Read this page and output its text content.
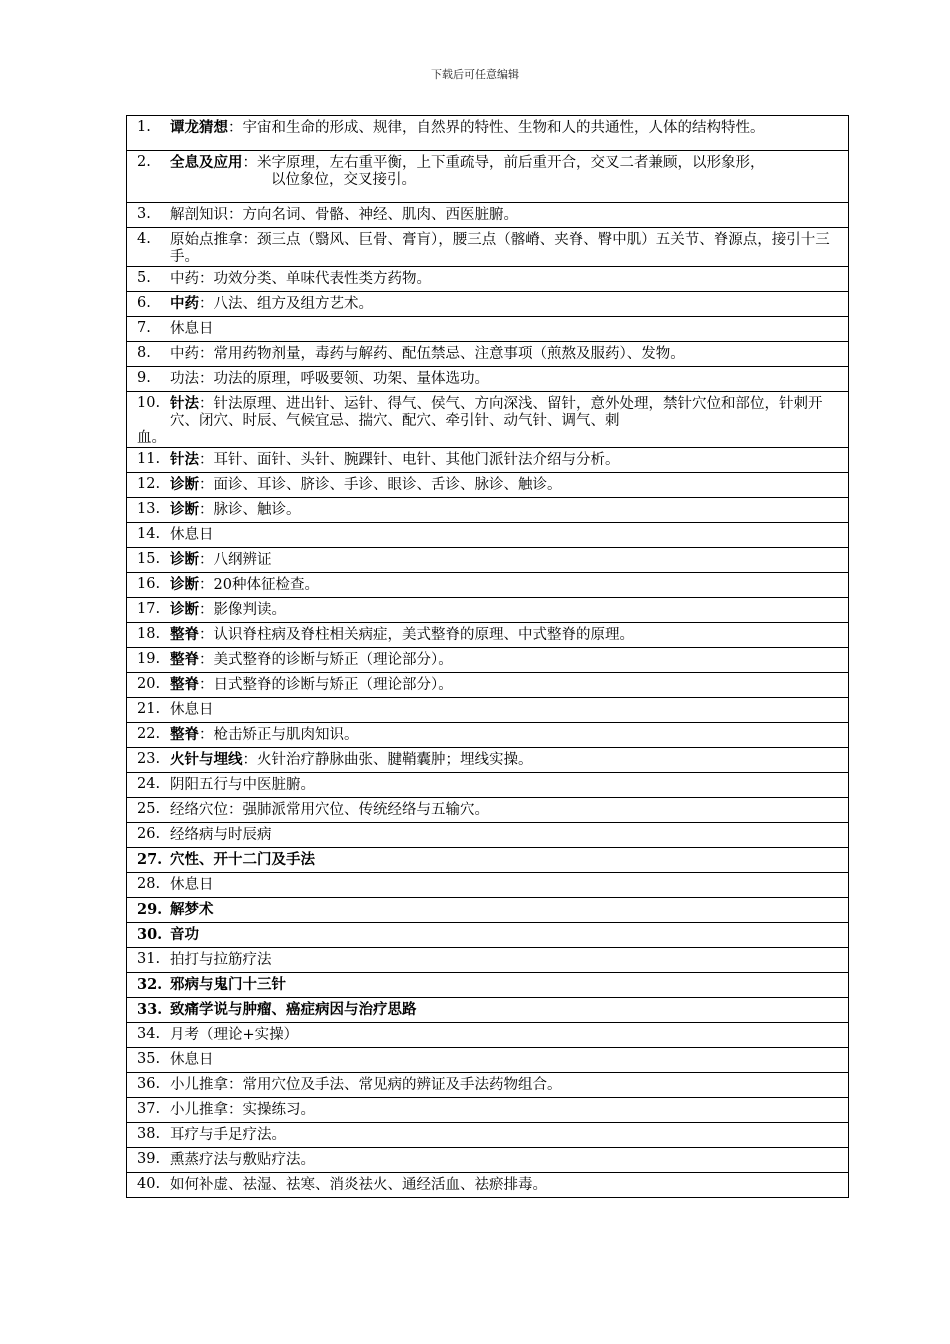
下载后可任意编辑
1.	谭龙猜想：宇宙和生命的形成、规律，自然界的特性、生物和人的共通性，人体的结构特性。

2.	全息及应用：米字原理，左右重平衡，上下重疏导，前后重开合，交叉二者兼顾，以形象形，
以位象位，交叉接引。

3.	解剖知识：方向名词、骨骼、神经、肌肉、西医脏腑。

4.	原始点推拿：颈三点（翳风、巨骨、膏肓），腰三点（髂嵴、夹脊、臀中肌）五关节、脊源点，接引十三手。

5.	中药：功效分类、单味代表性类方药物。

6.	中药：八法、组方及组方艺术。

7.	休息日

8.	中药：常用药物剂量，毒药与解药、配伍禁忌、注意事项（煎熬及服药）、发物。

9.	功法：功法的原理，呼吸要领、功架、量体选功。

10. 针法：针法原理、进出针、运针、得气、侯气、方向深浅、留针，意外处理，禁针穴位和部位，针刺开穴、闭穴、时辰、气候宜忌、揣穴、配穴、牵引针、动气针、调气、刺
血。

11. 针法：耳针、面针、头针、腕踝针、电针、其他门派针法介绍与分析。

12. 诊断：面诊、耳诊、脐诊、手诊、眼诊、舌诊、脉诊、触诊。

13. 诊断：脉诊、触诊。

14. 休息日

15. 诊断：八纲辨证

16. 诊断：20种体征检查。

17. 诊断：影像判读。

18. 整脊：认识脊柱病及脊柱相关病症，美式整脊的原理、中式整脊的原理。

19. 整脊：美式整脊的诊断与矫正（理论部分）。

20. 整脊：日式整脊的诊断与矫正（理论部分）。

21. 休息日

22. 整脊：枪击矫正与肌肉知识。

23. 火针与埋线：火针治疗静脉曲张、腱鞘囊肿；埋线实操。

24. 阴阳五行与中医脏腑。

25. 经络穴位：强肺派常用穴位、传统经络与五输穴。

26. 经络病与时辰病

27. 穴性、开十二门及手法

28. 休息日

29. 解梦术

30. 音功

31. 拍打与拉筋疗法

32. 邪病与鬼门十三针

33. 致痛学说与肿瘤、癌症病因与治疗思路

34. 月考（理论+实操）

35. 休息日

36. 小儿推拿：常用穴位及手法、常见病的辨证及手法药物组合。

37. 小儿推拿：实操练习。

38. 耳疗与手足疗法。

39. 熏蒸疗法与敷贴疗法。

40. 如何补虚、祛湿、祛寒、消炎祛火、通经活血、祛瘀排毒。
